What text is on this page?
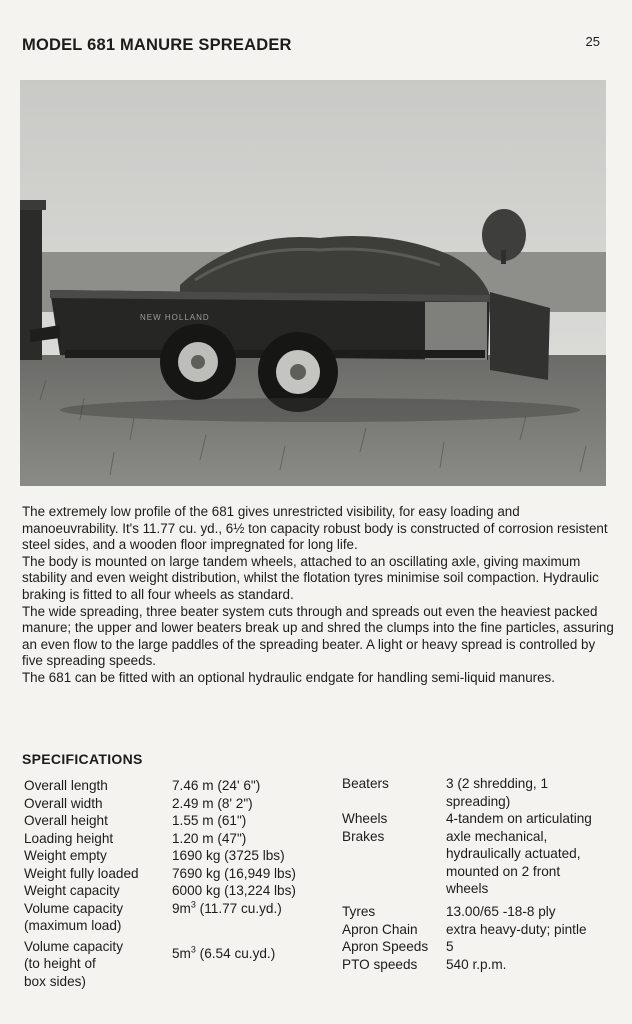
MODEL 681 MANURE SPREADER	25
NEW HOLLAND

The extremely low profile of the 681 gives unrestricted visibility, for easy loading and manoeuvrability. It's 11.77 cu. yd., 6½ ton capacity robust body is constructed of corrosion resistent steel sides, and a wooden floor impregnated for long life.

The body is mounted on large tandem wheels, attached to an oscillating axle, giving maximum stability and even weight distribution, whilst the flotation tyres minimise soil compaction. Hydraulic braking is fitted to all four wheels as standard.

The wide spreading, three beater system cuts through and spreads out even the heaviest packed manure; the upper and lower beaters break up and shred the clumps into the fine particles, assuring an even flow to the large paddles of the spreading beater. A light or heavy spread is controlled by five spreading speeds.

The 681 can be fitted with an optional hydraulic endgate for handling semi-liquid manures.

SPECIFICATIONS
Overall length
Overall width
Overall height
Loading height
Weight empty
Weight fully loaded
Weight capacity
Volume capacity
(maximum load)
Volume capacity
(to height of
box sides)
7.46 m (24' 6")
2.49 m (8' 2")
1.55 m (61")
1.20 m (47")
1690 kg (3725 lbs)
7690 kg (16,949 lbs)
6000 kg (13,224 lbs)
$9m^3$ (11.77 cu.yd.)
$5m^3$ (6.54 cu.yd.)
Beaters
Wheels
Brakes
3 (2 shredding, 1
spreading)
4-tandem on articulating
axle mechanical,
hydraulically actuated,
mounted on 2 front
wheels
Tyres
Apron Chain
Apron Speeds
PTO speeds
13.00/65 -18-8 ply
extra heavy-duty; pintle
5
540 r.p.m.
